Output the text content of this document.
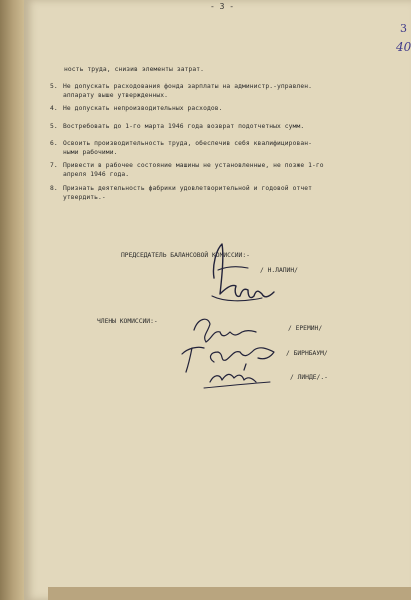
- 3 -
3
40
ность труда, снизив элементы затрат.
5. Не допускать расходования фонда зарплаты на администр.-управлен.
аппарату выше утвержденных.
4. Не допускать непроизводительных расходов.
5. Востребовать до 1-го марта 1946 года возврат подотчетных сумм.
6. Освоить производительность труда, обеспечив себя квалифицирован-
ными рабочими.
7. Привести в рабочее состояние машины не установленные, не позже 1-го
апреля 1946 года.
8. Признать деятельность фабрики удовлетворительной и годовой отчет
утвердить.-
ПРЕДСЕДАТЕЛЬ БАЛАНСОВОЙ КОМИССИИ:-
/ Н.ЛАПИН/
ЧЛЕНЫ КОМИССИИ:-
/ ЕРЕМИН/
/ БИРНБАУМ/
/ ЛИНДЕ/.-
